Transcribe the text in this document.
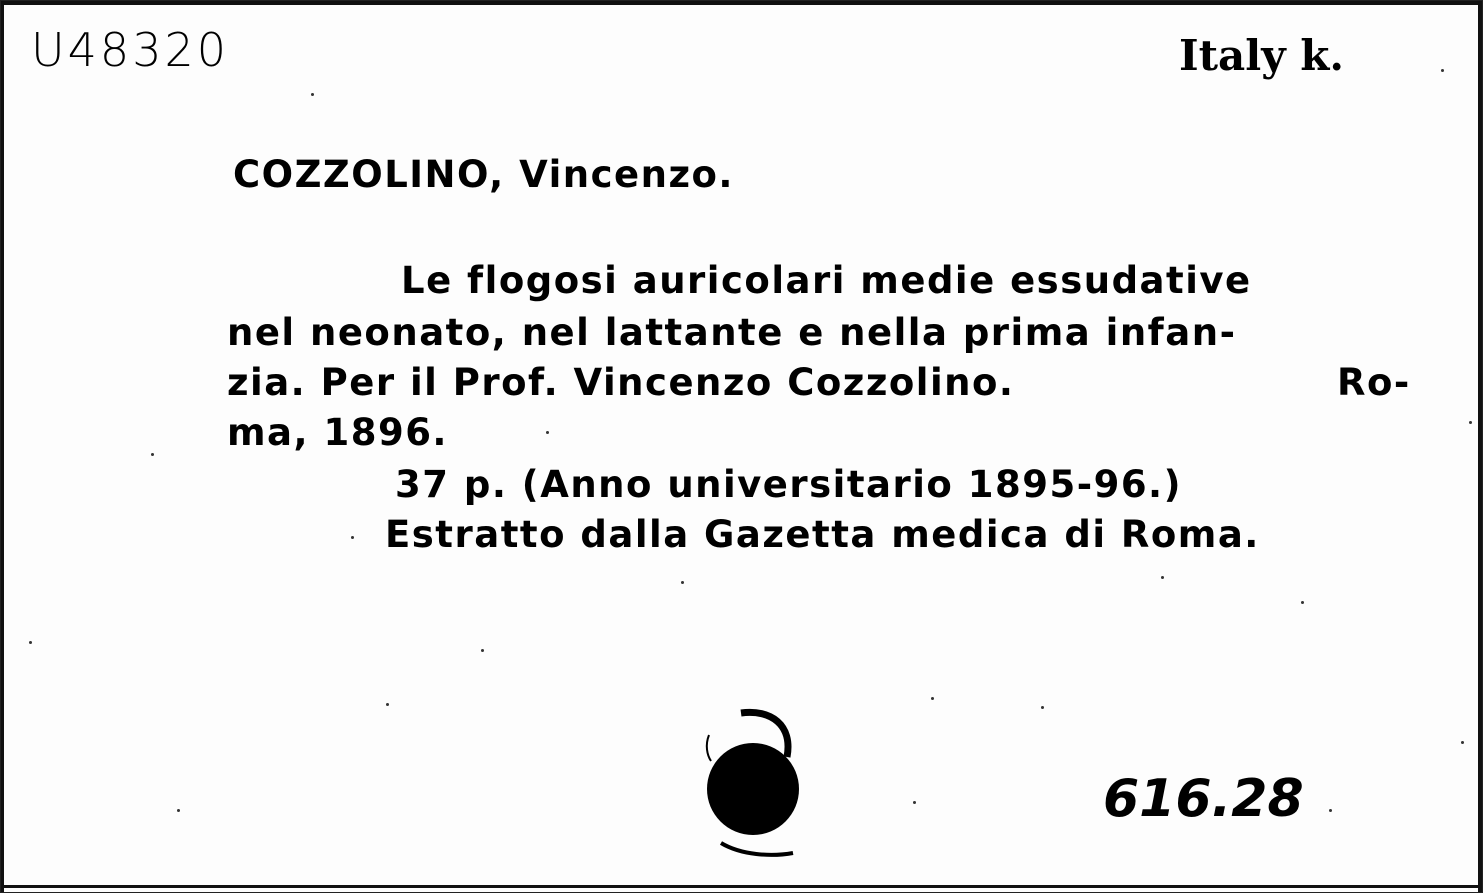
U48320	Italy k.
COZZOLINO, Vincenzo.
Le flogosi auricolari medie essudative
nel neonato, nel lattante e nella prima infan-
zia. Per il Prof. Vincenzo Cozzolino.	Ro-
ma, 1896.
37 p. (Anno universitario 1895-96.)
Estratto dalla Gazetta medica di Roma.
616.28
